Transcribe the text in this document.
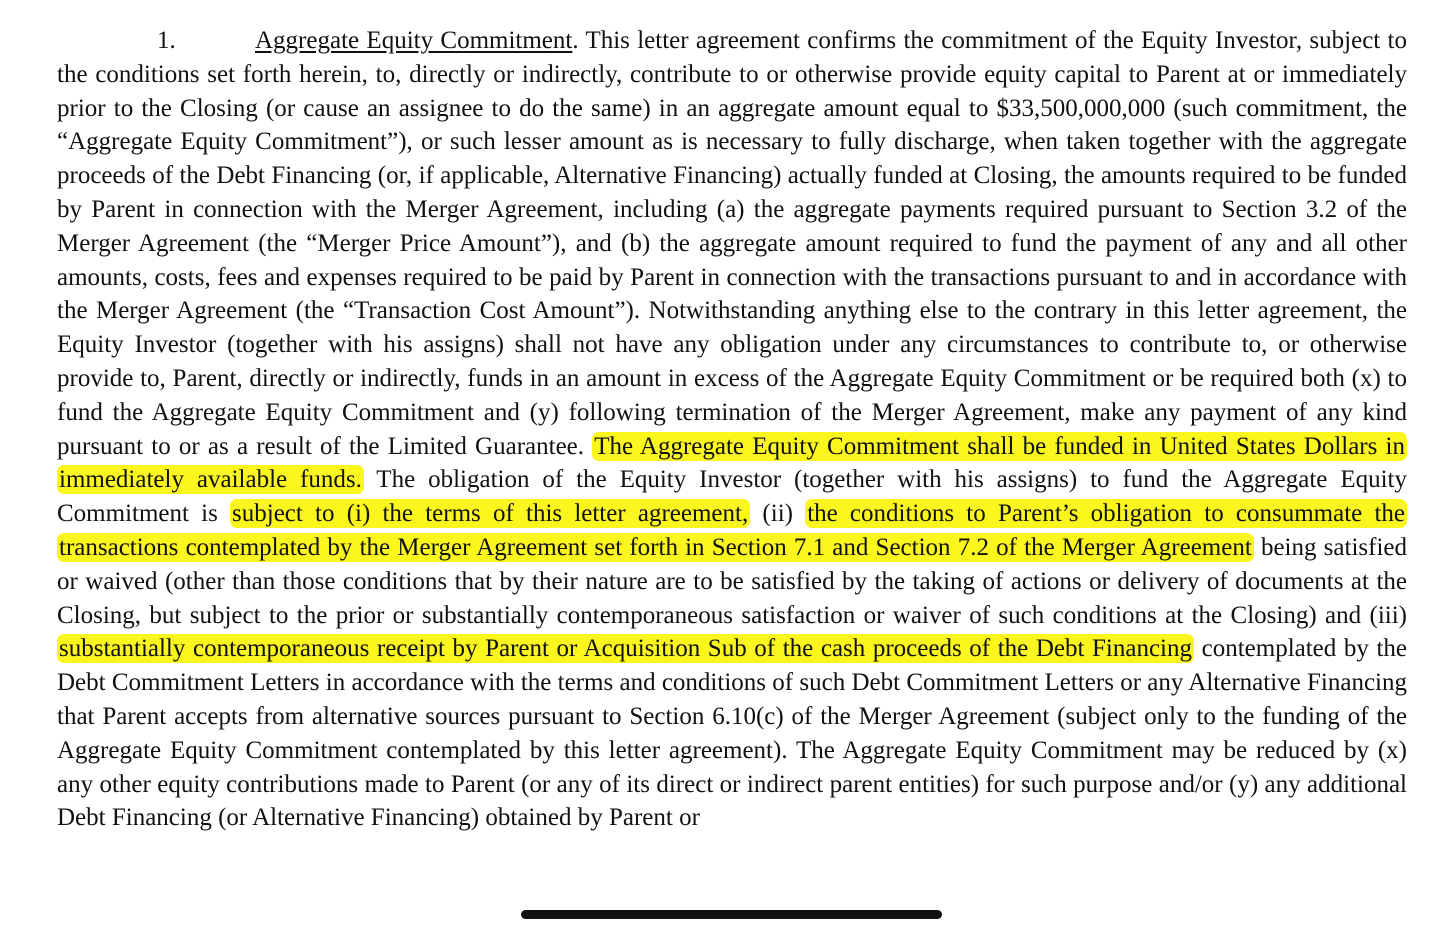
1.	Aggregate Equity Commitment. This letter agreement confirms the commitment of the Equity Investor, subject to the conditions set forth herein, to, directly or indirectly, contribute to or otherwise provide equity capital to Parent at or immediately prior to the Closing (or cause an assignee to do the same) in an aggregate amount equal to $33,500,000,000 (such commitment, the “Aggregate Equity Commitment”), or such lesser amount as is necessary to fully discharge, when taken together with the aggregate proceeds of the Debt Financing (or, if applicable, Alternative Financing) actually funded at Closing, the amounts required to be funded by Parent in connection with the Merger Agreement, including (a) the aggregate payments required pursuant to Section 3.2 of the Merger Agreement (the “Merger Price Amount”), and (b) the aggregate amount required to fund the payment of any and all other amounts, costs, fees and expenses required to be paid by Parent in connection with the transactions pursuant to and in accordance with the Merger Agreement (the “Transaction Cost Amount”). Notwithstanding anything else to the contrary in this letter agreement, the Equity Investor (together with his assigns) shall not have any obligation under any circumstances to contribute to, or otherwise provide to, Parent, directly or indirectly, funds in an amount in excess of the Aggregate Equity Commitment or be required both (x) to fund the Aggregate Equity Commitment and (y) following termination of the Merger Agreement, make any payment of any kind pursuant to or as a result of the Limited Guarantee. The Aggregate Equity Commitment shall be funded in United States Dollars in immediately available funds. The obligation of the Equity Investor (together with his assigns) to fund the Aggregate Equity Commitment is subject to (i) the terms of this letter agreement, (ii) the conditions to Parent’s obligation to consummate the transactions contemplated by the Merger Agreement set forth in Section 7.1 and Section 7.2 of the Merger Agreement being satisfied or waived (other than those conditions that by their nature are to be satisfied by the taking of actions or delivery of documents at the Closing, but subject to the prior or substantially contemporaneous satisfaction or waiver of such conditions at the Closing) and (iii) substantially contemporaneous receipt by Parent or Acquisition Sub of the cash proceeds of the Debt Financing contemplated by the Debt Commitment Letters in accordance with the terms and conditions of such Debt Commitment Letters or any Alternative Financing that Parent accepts from alternative sources pursuant to Section 6.10(c) of the Merger Agreement (subject only to the funding of the Aggregate Equity Commitment contemplated by this letter agreement). The Aggregate Equity Commitment may be reduced by (x) any other equity contributions made to Parent (or any of its direct or indirect parent entities) for such purpose and/or (y) any additional Debt Financing (or Alternative Financing) obtained by Parent or
